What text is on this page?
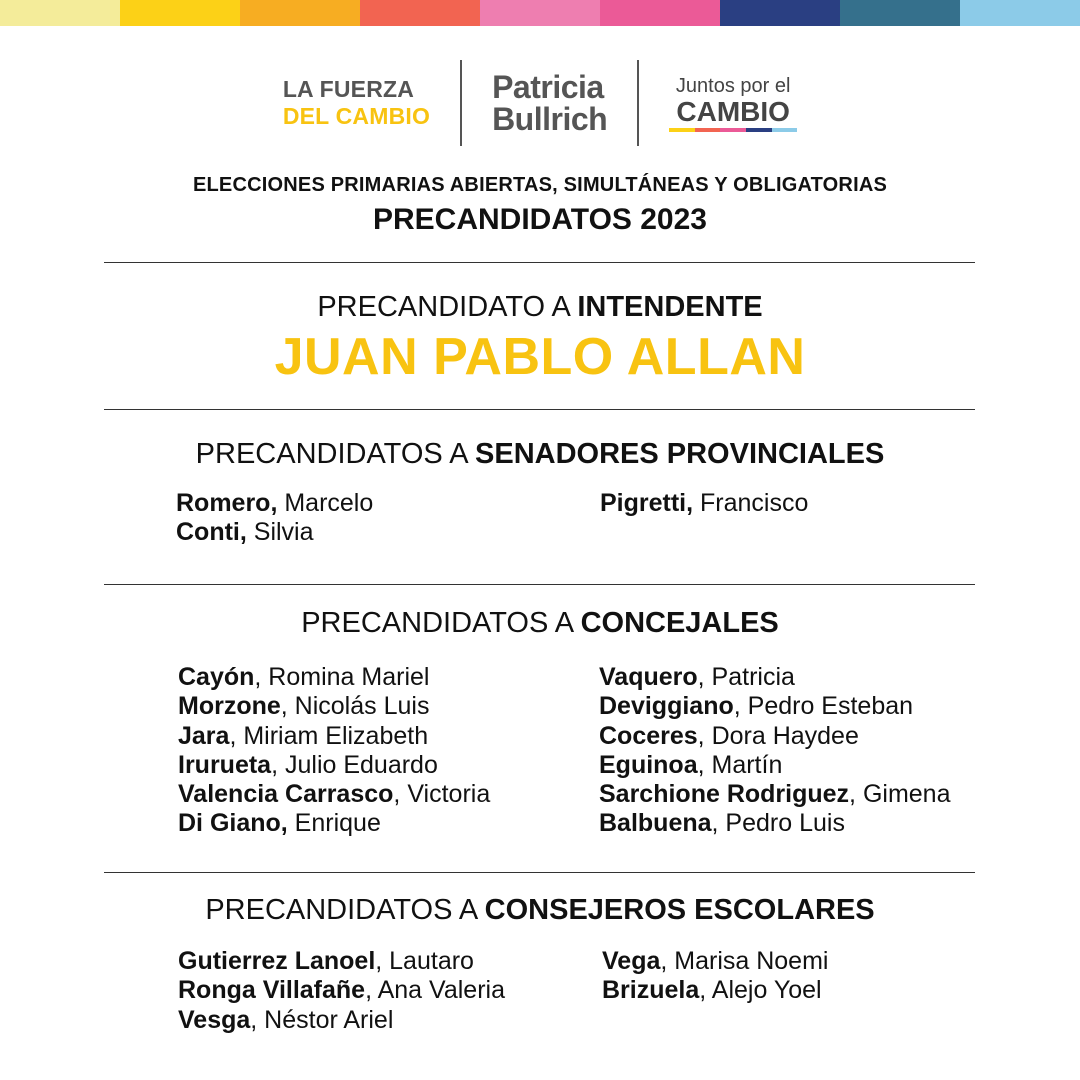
LA FUERZA
DEL CAMBIO
Patricia
Bullrich
Juntos por el
CAMBIO
ELECCIONES PRIMARIAS ABIERTAS, SIMULTÁNEAS Y OBLIGATORIAS
PRECANDIDATOS 2023
PRECANDIDATO A INTENDENTE
JUAN PABLO ALLAN
PRECANDIDATOS A SENADORES PROVINCIALES
Romero, Marcelo
Conti, Silvia
Pigretti, Francisco
PRECANDIDATOS A CONCEJALES
Cayón, Romina Mariel
Morzone, Nicolás Luis
Jara, Miriam Elizabeth
Irurueta, Julio Eduardo
Valencia Carrasco, Victoria
Di Giano, Enrique
Vaquero, Patricia
Deviggiano, Pedro Esteban
Coceres, Dora Haydee
Eguinoa, Martín
Sarchione Rodriguez, Gimena
Balbuena, Pedro Luis
PRECANDIDATOS A CONSEJEROS ESCOLARES
Gutierrez Lanoel, Lautaro
Ronga Villafañe, Ana Valeria
Vesga, Néstor Ariel
Vega, Marisa Noemi
Brizuela, Alejo Yoel
